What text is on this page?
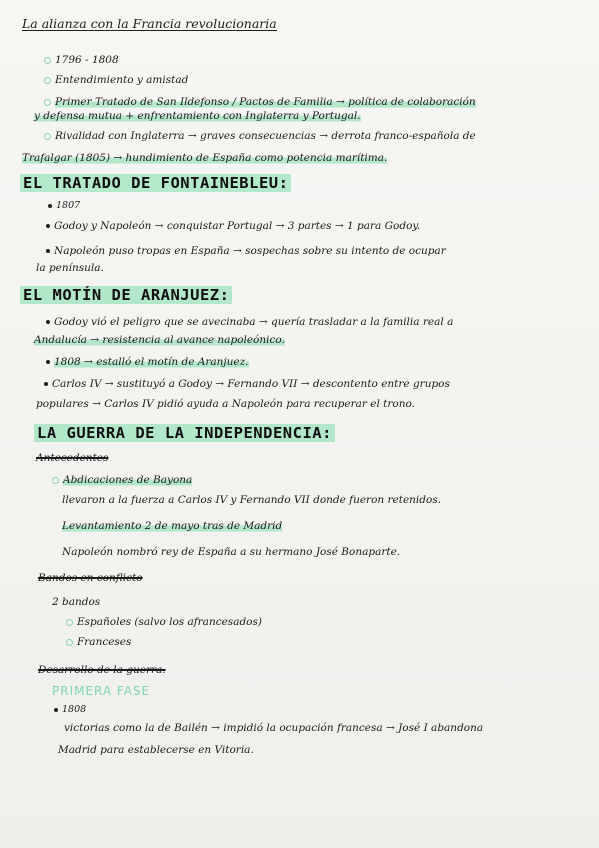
La alianza con la Francia revolucionaria
1796 - 1808
Entendimiento y amistad
Primer Tratado de San Ildefonso / Pactos de Familia → política de colaboración
y defensa mutua + enfrentamiento con Inglaterra y Portugal.
Rivalidad con Inglaterra → graves consecuencias → derrota franco-española de
Trafalgar (1805) → hundimiento de España como potencia marítima.
EL TRATADO DE FONTAINEBLEU:
1807
Godoy y Napoleón → conquistar Portugal → 3 partes → 1 para Godoy.
Napoleón puso tropas en España → sospechas sobre su intento de ocupar
la península.
EL MOTÍN DE ARANJUEZ:
Godoy vió el peligro que se avecinaba → quería trasladar a la familia real a
Andalucía → resistencia al avance napoleónico.
1808 → estalló el motín de Aranjuez.
Carlos IV → sustituyó a Godoy → Fernando VII → descontento entre grupos
populares → Carlos IV pidió ayuda a Napoleón para recuperar el trono.
LA GUERRA DE LA INDEPENDENCIA:
Antecedentes
Abdicaciones de Bayona
llevaron a la fuerza a Carlos IV y Fernando VII donde fueron retenidos.
Levantamiento 2 de mayo tras de Madrid
Napoleón nombró rey de España a su hermano José Bonaparte.
Bandos en conflicto
2 bandos
Españoles (salvo los afrancesados)
Franceses
Desarrollo de la guerra.
PRIMERA FASE
1808
victorias como la de Bailén → impidió la ocupación francesa → José I abandona
Madrid para establecerse en Vitoria.
